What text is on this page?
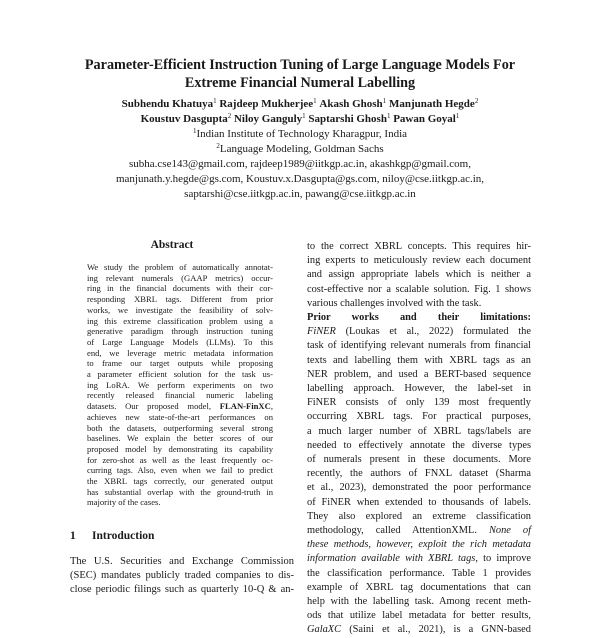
Parameter-Efficient Instruction Tuning of Large Language Models For
Extreme Financial Numeral Labelling
Subhendu Khatuya$^1$ Rajdeep Mukherjee$^1$ Akash Ghosh$^1$ Manjunath Hegde$^2$
Koustuv Dasgupta$^2$ Niloy Ganguly$^1$ Saptarshi Ghosh$^1$ Pawan Goyal$^1$
$^1$Indian Institute of Technology Kharagpur, India
$^2$Language Modeling, Goldman Sachs
subha.cse143@gmail.com, rajdeep1989@iitkgp.ac.in, akashkgp@gmail.com,
manjunath.y.hegde@gs.com, Koustuv.x.Dasgupta@gs.com, niloy@cse.iitkgp.ac.in,
saptarshi@cse.iitkgp.ac.in, pawang@cse.iitkgp.ac.in
Abstract
We study the problem of automatically annotat-
ing relevant numerals (GAAP metrics) occur-
ring in the financial documents with their cor-
responding XBRL tags. Different from prior
works, we investigate the feasibility of solv-
ing this extreme classification problem using a
generative paradigm through instruction tuning
of Large Language Models (LLMs). To this
end, we leverage metric metadata information
to frame our target outputs while proposing
a parameter efficient solution for the task us-
ing LoRA. We perform experiments on two
recently released financial numeric labeling
datasets. Our proposed model, FLAN-FinXC,
achieves new state-of-the-art performances on
both the datasets, outperforming several strong
baselines. We explain the better scores of our
proposed model by demonstrating its capability
for zero-shot as well as the least frequently oc-
curring tags. Also, even when we fail to predict
the XBRL tags correctly, our generated output
has substantial overlap with the ground-truth in
majority of the cases.
1 Introduction
The U.S. Securities and Exchange Commission
(SEC) mandates publicly traded companies to dis-
close periodic filings such as quarterly 10-Q & an-
to the correct XBRL concepts. This requires hir-
ing experts to meticulously review each document
and assign appropriate labels which is neither a
cost-effective nor a scalable solution. Fig. 1 shows
various challenges involved with the task.
Prior works and their limitations:
FiNER (Loukas et al., 2022) formulated the
task of identifying relevant numerals from financial
texts and labelling them with XBRL tags as an
NER problem, and used a BERT-based sequence
labelling approach. However, the label-set in
FiNER consists of only 139 most frequently
occurring XBRL tags. For practical purposes,
a much larger number of XBRL tags/labels are
needed to effectively annotate the diverse types
of numerals present in these documents. More
recently, the authors of FNXL dataset (Sharma
et al., 2023), demonstrated the poor performance
of FiNER when extended to thousands of labels.
They also explored an extreme classification
methodology, called AttentionXML. None of
these methods, however, exploit the rich metadata
information available with XBRL tags, to improve
the classification performance. Table 1 provides
example of XBRL tag documentations that can
help with the labelling task. Among recent meth-
ods that utilize label metadata for better results,
GalaXC (Saini et al., 2021), is a GNN-based
